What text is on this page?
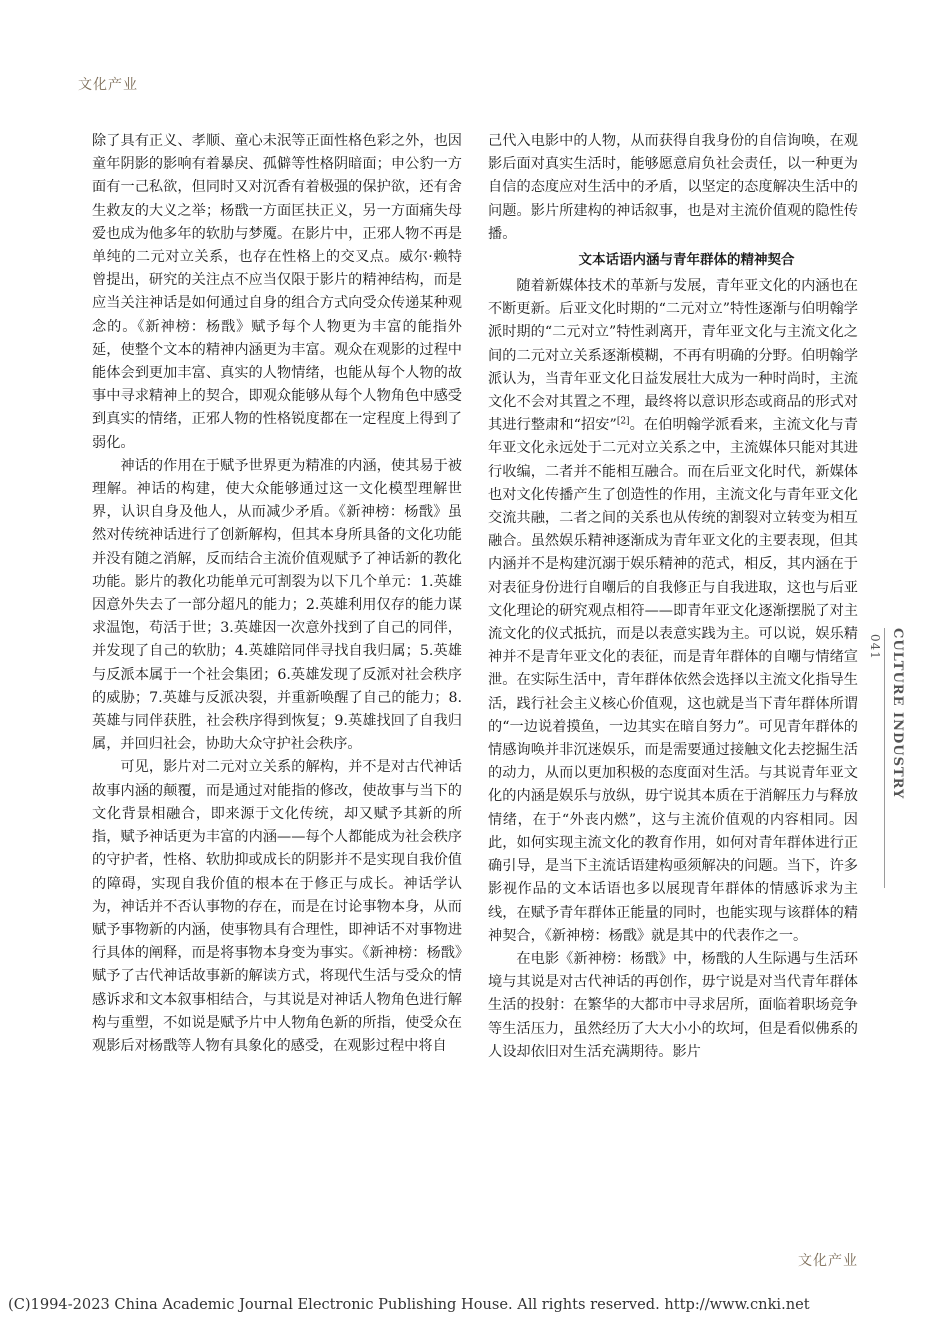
文化产业

除了具有正义、孝顺、童心未泯等正面性格色彩之外，也因童年阴影的影响有着暴戾、孤僻等性格阴暗面；申公豹一方面有一己私欲，但同时又对沉香有着极强的保护欲，还有舍生救友的大义之举；杨戬一方面匡扶正义，另一方面痛失母爱也成为他多年的软肋与梦魇。在影片中，正邪人物不再是单纯的二元对立关系，也存在性格上的交叉点。威尔·赖特曾提出，研究的关注点不应当仅限于影片的精神结构，而是应当关注神话是如何通过自身的组合方式向受众传递某种观念的。《新神榜：杨戬》赋予每个人物更为丰富的能指外延，使整个文本的精神内涵更为丰富。观众在观影的过程中能体会到更加丰富、真实的人物情绪，也能从每个人物的故事中寻求精神上的契合，即观众能够从每个人物角色中感受到真实的情绪，正邪人物的性格锐度都在一定程度上得到了弱化。

神话的作用在于赋予世界更为精准的内涵，使其易于被理解。神话的构建，使大众能够通过这一文化模型理解世界，认识自身及他人，从而减少矛盾。《新神榜：杨戬》虽然对传统神话进行了创新解构，但其本身所具备的文化功能并没有随之消解，反而结合主流价值观赋予了神话新的教化功能。影片的教化功能单元可割裂为以下几个单元：1.英雄因意外失去了一部分超凡的能力；2.英雄利用仅存的能力谋求温饱，苟活于世；3.英雄因一次意外找到了自己的同伴，并发现了自己的软肋；4.英雄陪同伴寻找自我归属；5.英雄与反派本属于一个社会集团；6.英雄发现了反派对社会秩序的威胁；7.英雄与反派决裂，并重新唤醒了自己的能力；8.英雄与同伴获胜，社会秩序得到恢复；9.英雄找回了自我归属，并回归社会，协助大众守护社会秩序。

可见，影片对二元对立关系的解构，并不是对古代神话故事内涵的颠覆，而是通过对能指的修改，使故事与当下的文化背景相融合，即来源于文化传统，却又赋予其新的所指，赋予神话更为丰富的内涵——每个人都能成为社会秩序的守护者，性格、软肋抑或成长的阴影并不是实现自我价值的障碍，实现自我价值的根本在于修正与成长。神话学认为，神话并不否认事物的存在，而是在讨论事物本身，从而赋予事物新的内涵，使事物具有合理性，即神话不对事物进行具体的阐释，而是将事物本身变为事实。《新神榜：杨戬》赋予了古代神话故事新的解读方式，将现代生活与受众的情感诉求和文本叙事相结合，与其说是对神话人物角色进行解构与重塑，不如说是赋予片中人物角色新的所指，使受众在观影后对杨戬等人物有具象化的感受，在观影过程中将自

己代入电影中的人物，从而获得自我身份的自信询唤，在观影后面对真实生活时，能够愿意肩负社会责任，以一种更为自信的态度应对生活中的矛盾，以坚定的态度解决生活中的问题。影片所建构的神话叙事，也是对主流价值观的隐性传播。

文本话语内涵与青年群体的精神契合

随着新媒体技术的革新与发展，青年亚文化的内涵也在不断更新。后亚文化时期的“二元对立”特性逐渐与伯明翰学派时期的“二元对立”特性剥离开，青年亚文化与主流文化之间的二元对立关系逐渐模糊，不再有明确的分野。伯明翰学派认为，当青年亚文化日益发展壮大成为一种时尚时，主流文化不会对其置之不理，最终将以意识形态或商品的形式对其进行整肃和“招安”[2]。在伯明翰学派看来，主流文化与青年亚文化永远处于二元对立关系之中，主流媒体只能对其进行收编，二者并不能相互融合。而在后亚文化时代，新媒体也对文化传播产生了创造性的作用，主流文化与青年亚文化交流共融，二者之间的关系也从传统的割裂对立转变为相互融合。虽然娱乐精神逐渐成为青年亚文化的主要表现，但其内涵并不是构建沉溺于娱乐精神的范式，相反，其内涵在于对表征身份进行自嘲后的自我修正与自我进取，这也与后亚文化理论的研究观点相符——即青年亚文化逐渐摆脱了对主流文化的仪式抵抗，而是以表意实践为主。可以说，娱乐精神并不是青年亚文化的表征，而是青年群体的自嘲与情绪宣泄。在实际生活中，青年群体依然会选择以主流文化指导生活，践行社会主义核心价值观，这也就是当下青年群体所谓的“一边说着摸鱼，一边其实在暗自努力”。可见青年群体的情感询唤并非沉迷娱乐，而是需要通过接触文化去挖掘生活的动力，从而以更加积极的态度面对生活。与其说青年亚文化的内涵是娱乐与放纵，毋宁说其本质在于消解压力与释放情绪，在于“外丧内燃”，这与主流价值观的内容相同。因此，如何实现主流文化的教育作用，如何对青年群体进行正确引导，是当下主流话语建构亟须解决的问题。当下，许多影视作品的文本话语也多以展现青年群体的情感诉求为主线，在赋予青年群体正能量的同时，也能实现与该群体的精神契合，《新神榜：杨戬》就是其中的代表作之一。

在电影《新神榜：杨戬》中，杨戬的人生际遇与生活环境与其说是对古代神话的再创作，毋宁说是对当代青年群体生活的投射：在繁华的大都市中寻求居所，面临着职场竞争等生活压力，虽然经历了大大小小的坎坷，但是看似佛系的人设却依旧对生活充满期待。影片

041 CULTURE INDUSTRY
文化产业
(C)1994-2023 China Academic Journal Electronic Publishing House. All rights reserved. http://www.cnki.net
